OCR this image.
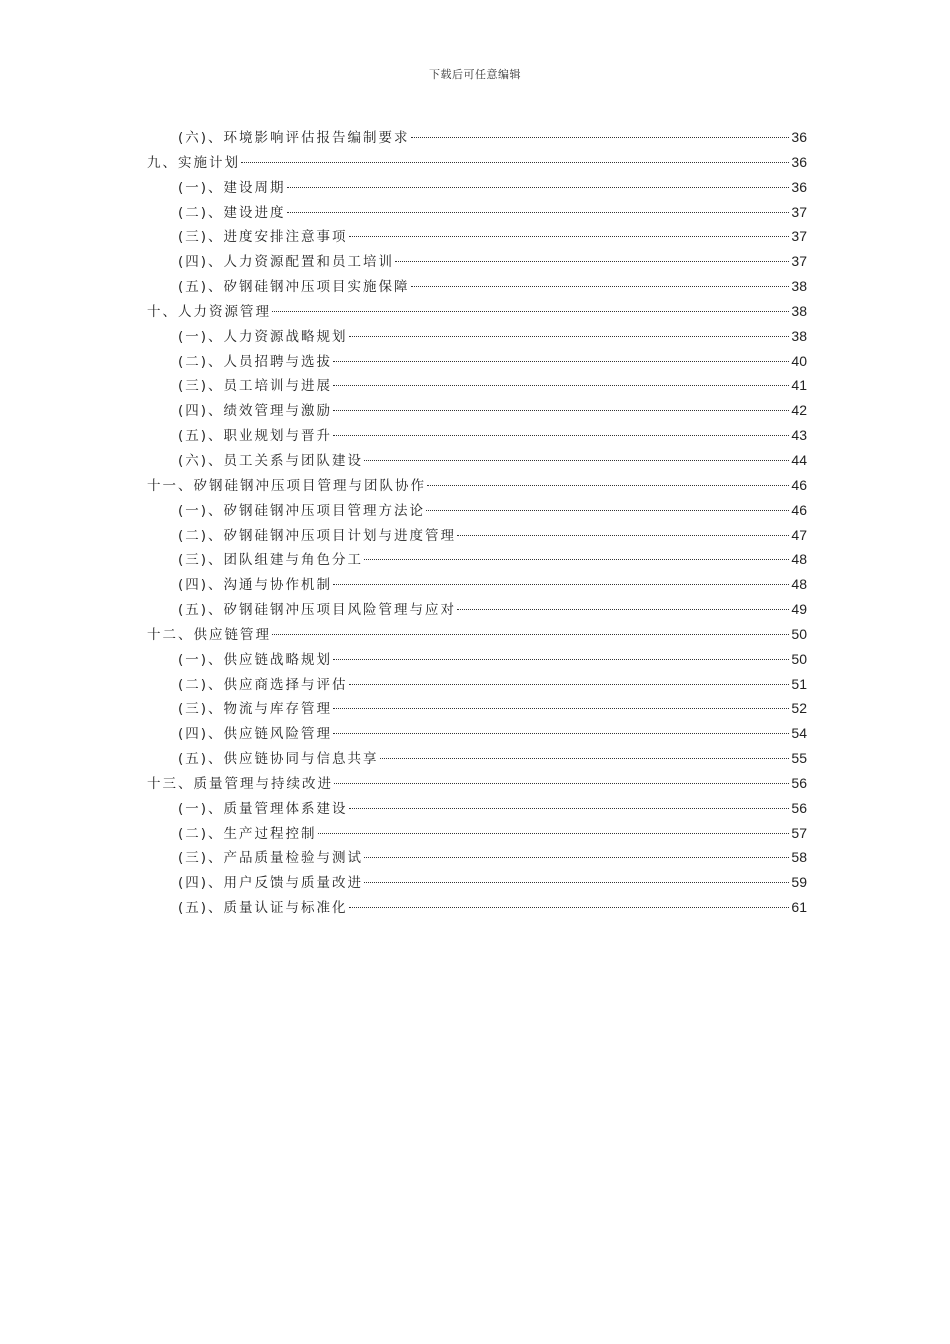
下载后可任意编辑
(六)、环境影响评估报告编制要求	36
九、实施计划	36
(一)、建设周期	36
(二)、建设进度	37
(三)、进度安排注意事项	37
(四)、人力资源配置和员工培训	37
(五)、矽钢硅钢冲压项目实施保障	38
十、人力资源管理	38
(一)、人力资源战略规划	38
(二)、人员招聘与选拔	40
(三)、员工培训与进展	41
(四)、绩效管理与激励	42
(五)、职业规划与晋升	43
(六)、员工关系与团队建设	44
十一、矽钢硅钢冲压项目管理与团队协作	46
(一)、矽钢硅钢冲压项目管理方法论	46
(二)、矽钢硅钢冲压项目计划与进度管理	47
(三)、团队组建与角色分工	48
(四)、沟通与协作机制	48
(五)、矽钢硅钢冲压项目风险管理与应对	49
十二、供应链管理	50
(一)、供应链战略规划	50
(二)、供应商选择与评估	51
(三)、物流与库存管理	52
(四)、供应链风险管理	54
(五)、供应链协同与信息共享	55
十三、质量管理与持续改进	56
(一)、质量管理体系建设	56
(二)、生产过程控制	57
(三)、产品质量检验与测试	58
(四)、用户反馈与质量改进	59
(五)、质量认证与标准化	61
